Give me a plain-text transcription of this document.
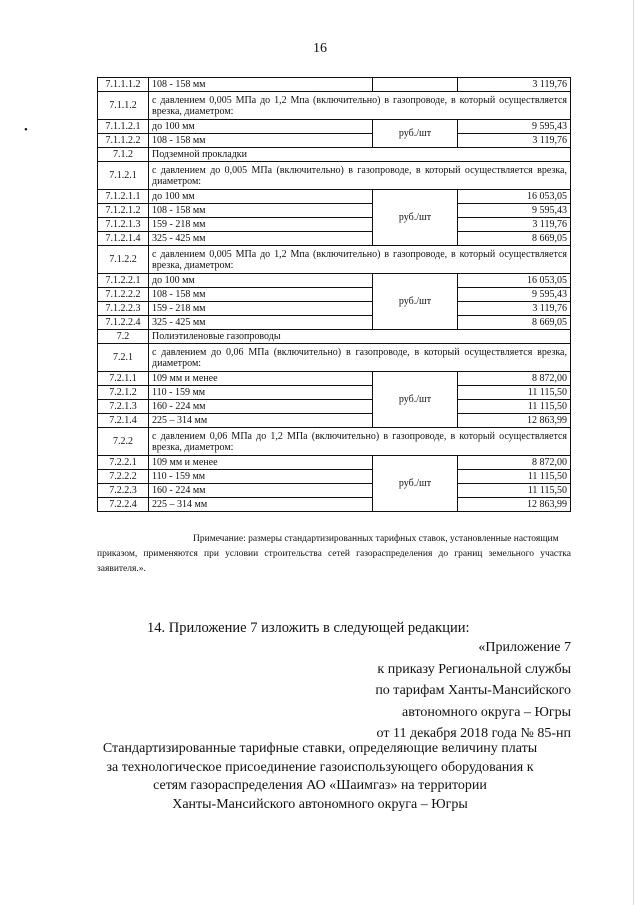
16
•
7.1.1.1.2	108 - 158 мм		3 119,76
7.1.1.2	с давлением 0,005 МПа до 1,2 Мпа (включительно) в газопроводе, в который осуществляется врезка, диаметром:		
7.1.1.2.1	до 100 мм	руб./шт	9 595,43
7.1.1.2.2	108 - 158 мм		3 119,76
7.1.2	Подземной прокладки		
7.1.2.1	с давлением до 0,005 МПа (включительно) в газопроводе, в который осуществляется врезка, диаметром:		
7.1.2.1.1	до 100 мм	руб./шт	16 053,05
7.1.2.1.2	108 - 158 мм		9 595,43
7.1.2.1.3	159 - 218 мм		3 119,76
7.1.2.1.4	325 - 425 мм		8 669,05
7.1.2.2	с давлением 0,005 МПа до 1,2 Мпа (включительно) в газопроводе, в который осуществляется врезка, диаметром:		
7.1.2.2.1	до 100 мм	руб./шт	16 053,05
7.1.2.2.2	108 - 158 мм		9 595,43
7.1.2.2.3	159 - 218 мм		3 119,76
7.1.2.2.4	325 - 425 мм		8 669,05
7.2	Полиэтиленовые газопроводы		
7.2.1	с давлением до 0,06 МПа (включительно) в газопроводе, в который осуществляется врезка, диаметром:		
7.2.1.1	109 мм и менее	руб./шт	8 872,00
7.2.1.2	110 - 159 мм		11 115,50
7.2.1.3	160 - 224 мм		11 115,50
7.2.1.4	225 – 314 мм		12 863,99
7.2.2	с давлением 0,06 МПа до 1,2 МПа (включительно) в газопроводе, в который осуществляется врезка, диаметром:		
7.2.2.1	109 мм и менее	руб./шт	8 872,00
7.2.2.2	110 - 159 мм		11 115,50
7.2.2.3	160 - 224 мм		11 115,50
7.2.2.4	225 – 314 мм		12 863,99
Примечание: размеры стандартизированных тарифных ставок, установленные настоящим
приказом, применяются при условии строительства сетей газораспределения до границ земельного участка заявителя.».
14. Приложение 7 изложить в следующей редакции:
«Приложение 7
к приказу Региональной службы
по тарифам Ханты-Мансийского
автономного округа – Югры
от 11 декабря 2018 года № 85-нп
Стандартизированные тарифные ставки, определяющие величину платы
за технологическое присоединение газоиспользующего оборудования к
сетям газораспределения АО «Шаимгаз» на территории
Ханты-Мансийского автономного округа – Югры
